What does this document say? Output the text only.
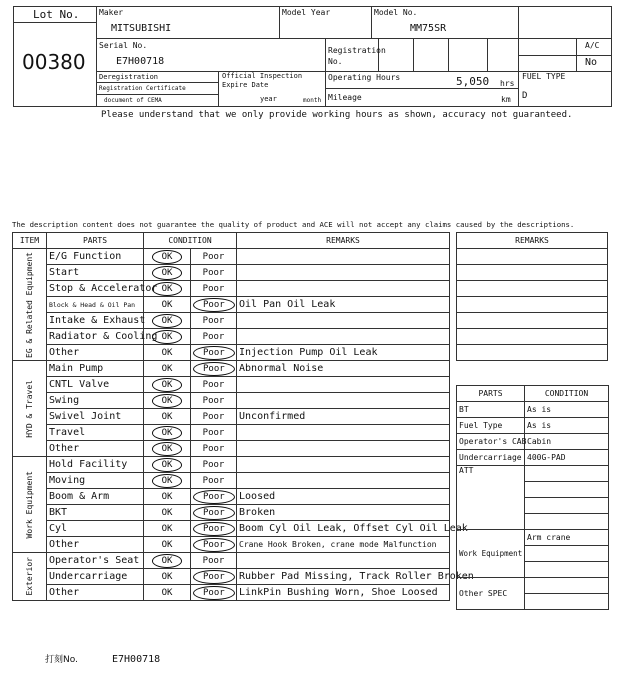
Lot No.
00380
Maker
MITSUBISHI
Model Year	Model No.
MM75SR
Serial No.
E7H00718
Registration No.
A/C
No
Deregistration
Registration Certificate
document of CEMA
Official Inspection
Expire Date
year	month
Operating Hours	5,050 hrs
Mileage	km
FUEL TYPE
D
Please understand that we only provide working hours as shown, accuracy not guaranteed.
The description content does not guarantee the quality of product and ACE will not accept any claims caused by the descriptions.
ITEM	PARTS	CONDITION		REMARKS

EG & Related Equipment	E/G Function	OK	Poor	
	Start	OK	Poor	
	Stop & Accelerator	OK	Poor	
	Block & Head & Oil Pan	OK	Poor	Oil Pan Oil Leak
	Intake & Exhaust	OK	Poor	
	Radiator & Cooling	OK	Poor	
	Other	OK	Poor	Injection Pump Oil Leak

HYD & Travel	Main Pump	OK	Poor	Abnormal Noise
	CNTL Valve	OK	Poor	
	Swing	OK	Poor	
	Swivel Joint	OK	Poor	Unconfirmed
	Travel	OK	Poor	
	Other	OK	Poor	

Work Equipment	Hold Facility	OK	Poor	
	Moving	OK	Poor	
	Boom & Arm	OK	Poor	Loosed
	BKT	OK	Poor	Broken
	Cyl	OK	Poor	Boom Cyl Oil Leak, Offset Cyl Oil Leak
	Other	OK	Poor	Crane Hook Broken, crane mode Malfunction

Exterior	Operator's Seat	OK	Poor	
	Undercarriage	OK	Poor	Rubber Pad Missing, Track Roller Broken
	Other	OK	Poor	LinkPin Bushing Worn, Shoe Loosed
REMARKS

PARTS	CONDITION
BT	As is
Fuel Type	As is
Operator's CAB	Cabin
Undercarriage	400G-PAD
ATT	

Work Equipment	Arm crane

Other SPEC	

打刻No.	E7H00718
